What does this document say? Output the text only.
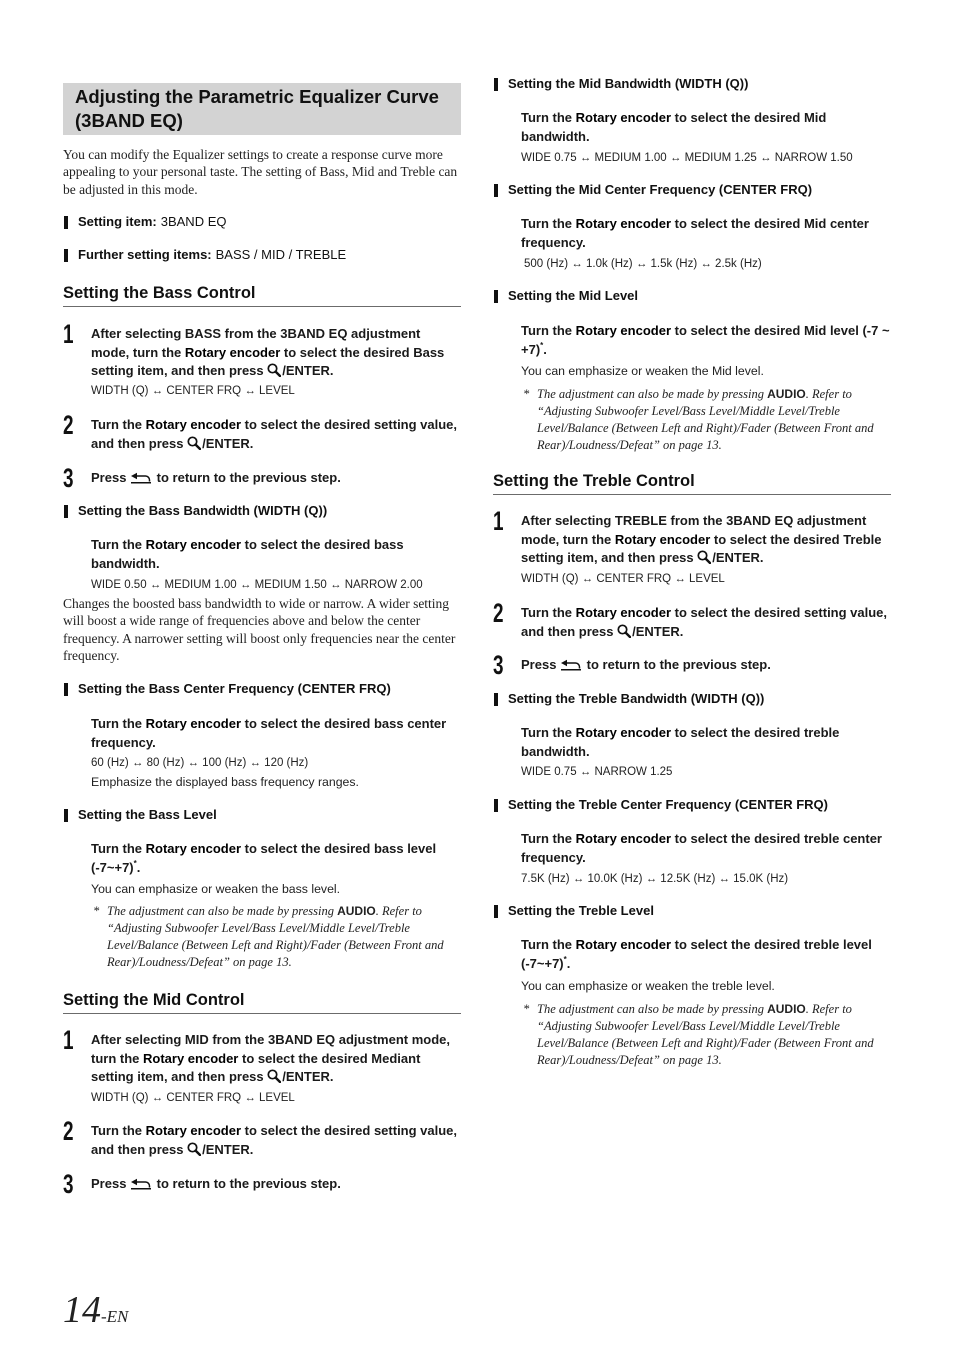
Adjusting the Parametric Equalizer Curve (3BAND EQ)

You can modify the Equalizer settings to create a response curve more appealing to your personal taste. The setting of Bass, Mid and Treble can be adjusted in this mode.

Setting item: 3BAND EQ
Further setting items: BASS / MID / TREBLE
Setting the Bass Control
1 After selecting BASS from the 3BAND EQ adjustment mode, turn the Rotary encoder to select the desired Bass setting item, and then press
/ENTER.
WIDTH (Q) ↔ CENTER FRQ ↔ LEVEL
2 Turn the Rotary encoder to select the desired setting value, and then press
/ENTER.
3 Press
to return to the previous step.
Setting the Bass Bandwidth (WIDTH (Q))
Turn the Rotary encoder to select the desired bass bandwidth.
WIDE 0.50 ↔ MEDIUM 1.00 ↔ MEDIUM 1.50 ↔ NARROW 2.00

Changes the boosted bass bandwidth to wide or narrow. A wider setting will boost a wide range of frequencies above and below the center frequency. A narrower setting will boost only frequencies near the center frequency.

Setting the Bass Center Frequency (CENTER FRQ)
Turn the Rotary encoder to select the desired bass center frequency.
60 (Hz) ↔ 80 (Hz) ↔ 100 (Hz) ↔ 120 (Hz)
Emphasize the displayed bass frequency ranges.
Setting the Bass Level
Turn the Rotary encoder to select the desired bass level (-7~+7)*.
You can emphasize or weaken the bass level.
* The adjustment can also be made by pressing AUDIO. Refer to “Adjusting Subwoofer Level/Bass Level/Middle Level/Treble Level/Balance (Between Left and Right)/Fader (Between Front and Rear)/Loudness/Defeat” on page 13.
Setting the Mid Control
1 After selecting MID from the 3BAND EQ adjustment mode, turn the Rotary encoder to select the desired Mediant setting item, and then press
/ENTER.
WIDTH (Q) ↔ CENTER FRQ ↔ LEVEL
2 Turn the Rotary encoder to select the desired setting value, and then press
/ENTER.
3 Press
to return to the previous step.
Setting the Mid Bandwidth (WIDTH (Q))
Turn the Rotary encoder to select the desired Mid bandwidth.
WIDE 0.75 ↔ MEDIUM 1.00 ↔ MEDIUM 1.25 ↔ NARROW 1.50
Setting the Mid Center Frequency (CENTER FRQ)
Turn the Rotary encoder to select the desired Mid center frequency.
500 (Hz) ↔ 1.0k (Hz) ↔ 1.5k (Hz) ↔ 2.5k (Hz)
Setting the Mid Level
Turn the Rotary encoder to select the desired Mid level (-7 ~ +7)*.
You can emphasize or weaken the Mid level.
* The adjustment can also be made by pressing AUDIO. Refer to “Adjusting Subwoofer Level/Bass Level/Middle Level/Treble Level/Balance (Between Left and Right)/Fader (Between Front and Rear)/Loudness/Defeat” on page 13.
Setting the Treble Control
1 After selecting TREBLE from the 3BAND EQ adjustment mode, turn the Rotary encoder to select the desired Treble setting item, and then press
/ENTER.
WIDTH (Q) ↔ CENTER FRQ ↔ LEVEL
2 Turn the Rotary encoder to select the desired setting value, and then press
/ENTER.
3 Press
to return to the previous step.
Setting the Treble Bandwidth (WIDTH (Q))
Turn the Rotary encoder to select the desired treble bandwidth.
WIDE 0.75 ↔ NARROW 1.25
Setting the Treble Center Frequency (CENTER FRQ)
Turn the Rotary encoder to select the desired treble center frequency.
7.5K (Hz) ↔ 10.0K (Hz) ↔ 12.5K (Hz) ↔ 15.0K (Hz)
Setting the Treble Level
Turn the Rotary encoder to select the desired treble level (-7~+7)*.
You can emphasize or weaken the treble level.
* The adjustment can also be made by pressing AUDIO. Refer to “Adjusting Subwoofer Level/Bass Level/Middle Level/Treble Level/Balance (Between Left and Right)/Fader (Between Front and Rear)/Loudness/Defeat” on page 13.
14-EN
